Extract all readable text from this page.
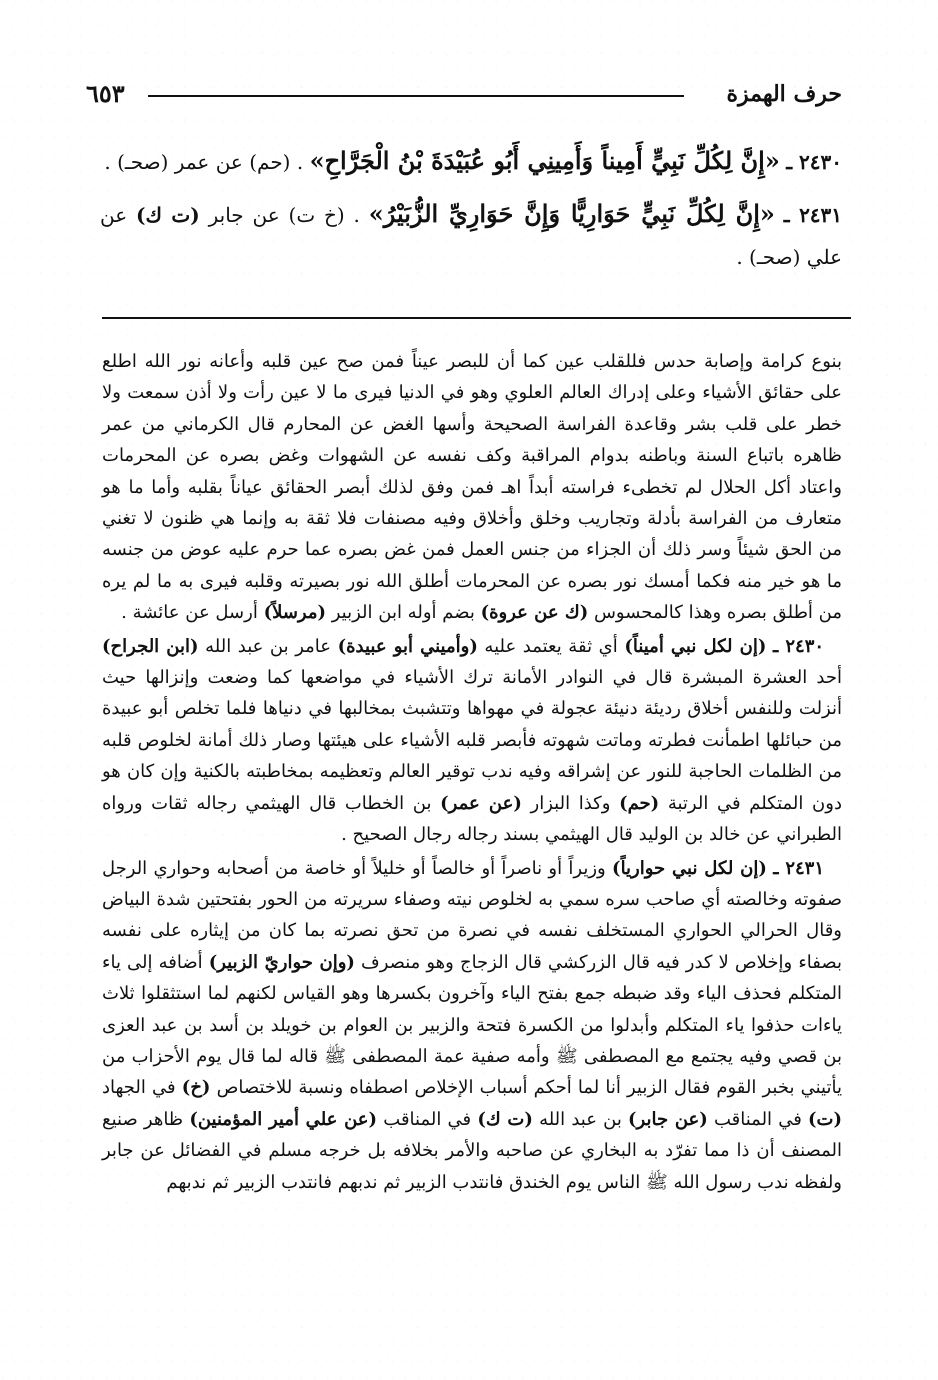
حرف الهمزة
٦٥٣

٢٤٣٠ ـ «إِنَّ لِكُلِّ نَبِيٍّ أَمِيناً وَأَمِينِي أَبُو عُبَيْدَةَ بْنُ الْجَرَّاحِ» . (حم) عن عمر (صحـ) .

٢٤٣١ ـ «إِنَّ لِكُلِّ نَبِيٍّ حَوَارِيًّا وَإِنَّ حَوَارِيِّ الزُّبَيْرُ» . (خ ت) عن جابر (ت ك) عن علي (صحـ) .

بنوع كرامة وإصابة حدس فللقلب عين كما أن للبصر عيناً فمن صح عين قلبه وأعانه نور الله اطلع على حقائق الأشياء وعلى إدراك العالم العلوي وهو في الدنيا فيرى ما لا عين رأت ولا أذن سمعت ولا خطر على قلب بشر وقاعدة الفراسة الصحيحة وأسها الغض عن المحارم قال الكرماني من عمر ظاهره باتباع السنة وباطنه بدوام المراقبة وكف نفسه عن الشهوات وغض بصره عن المحرمات واعتاد أكل الحلال لم تخطىء فراسته أبداً اهـ فمن وفق لذلك أبصر الحقائق عياناً بقلبه وأما ما هو متعارف من الفراسة بأدلة وتجاريب وخلق وأخلاق وفيه مصنفات فلا ثقة به وإنما هي ظنون لا تغني من الحق شيئاً وسر ذلك أن الجزاء من جنس العمل فمن غض بصره عما حرم عليه عوض من جنسه ما هو خير منه فكما أمسك نور بصره عن المحرمات أطلق الله نور بصيرته وقلبه فيرى به ما لم يره من أطلق بصره وهذا كالمحسوس (ك عن عروة) بضم أوله ابن الزبير (مرسلاً) أرسل عن عائشة .

٢٤٣٠ ـ (إن لكل نبي أميناً) أي ثقة يعتمد عليه (وأميني أبو عبيدة) عامر بن عبد الله (ابن الجراح) أحد العشرة المبشرة قال في النوادر الأمانة ترك الأشياء في مواضعها كما وضعت وإنزالها حيث أنزلت وللنفس أخلاق رديئة دنيئة عجولة في مهواها وتتشبث بمخالبها في دنياها فلما تخلص أبو عبيدة من حبائلها اطمأنت فطرته وماتت شهوته فأبصر قلبه الأشياء على هيئتها وصار ذلك أمانة لخلوص قلبه من الظلمات الحاجبة للنور عن إشراقه وفيه ندب توقير العالم وتعظيمه بمخاطبته بالكنية وإن كان هو دون المتكلم في الرتبة (حم) وكذا البزار (عن عمر) بن الخطاب قال الهيثمي رجاله ثقات ورواه الطبراني عن خالد بن الوليد قال الهيثمي بسند رجاله رجال الصحيح .

٢٤٣١ ـ (إن لكل نبي حوارياً) وزيراً أو ناصراً أو خالصاً أو خليلاً أو خاصة من أصحابه وحواري الرجل صفوته وخالصته أي صاحب سره سمي به لخلوص نيته وصفاء سريرته من الحور بفتحتين شدة البياض وقال الحرالي الحواري المستخلف نفسه في نصرة من تحق نصرته بما كان من إيثاره على نفسه بصفاء وإخلاص لا كدر فيه قال الزركشي قال الزجاج وهو منصرف (وإن حواريّ الزبير) أضافه إلى ياء المتكلم فحذف الياء وقد ضبطه جمع بفتح الياء وآخرون بكسرها وهو القياس لكنهم لما استثقلوا ثلاث ياءات حذفوا ياء المتكلم وأبدلوا من الكسرة فتحة والزبير بن العوام بن خويلد بن أسد بن عبد العزى بن قصي وفيه يجتمع مع المصطفى ﷺ وأمه صفية عمة المصطفى ﷺ قاله لما قال يوم الأحزاب من يأتيني بخبر القوم فقال الزبير أنا لما أحكم أسباب الإخلاص اصطفاه ونسبة للاختصاص (خ) في الجهاد (ت) في المناقب (عن جابر) بن عبد الله (ت ك) في المناقب (عن علي أمير المؤمنين) ظاهر صنيع المصنف أن ذا مما تفرّد به البخاري عن صاحبه والأمر بخلافه بل خرجه مسلم في الفضائل عن جابر ولفظه ندب رسول الله ﷺ الناس يوم الخندق فانتدب الزبير ثم ندبهم فانتدب الزبير ثم ندبهم
